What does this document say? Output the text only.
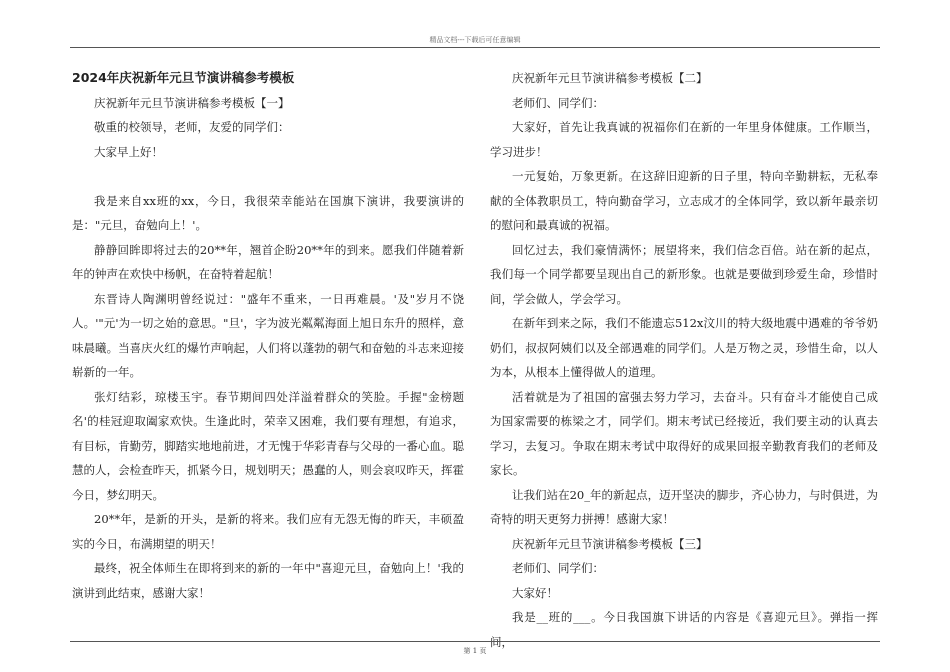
精品文档---下载后可任意编辑

2024年庆祝新年元旦节演讲稿参考模板

庆祝新年元旦节演讲稿参考模板【一】

敬重的校领导，老师，友爱的同学们：

大家早上好！

我是来自xx班的xx，今日，我很荣幸能站在国旗下演讲，我要演讲的是："元旦，奋勉向上！'。

静静回眸即将过去的20**年，翘首企盼20**年的到来。愿我们伴随着新年的钟声在欢快中杨帆，在奋特着起航！

东晋诗人陶渊明曾经说过："盛年不重来，一日再难晨。'及"岁月不饶人。'"元'为一切之始的意思。"旦'，字为波光粼粼海面上旭日东升的照样，意味晨曦。当喜庆火红的爆竹声响起，人们将以蓬勃的朝气和奋勉的斗志来迎接崭新的一年。

张灯结彩，琼楼玉宇。春节期间四处洋溢着群众的笑脸。手握"金榜题名'的桂冠迎取阖家欢快。生逢此时，荣幸又困难，我们要有理想，有追求，有目标，肯勤劳，脚踏实地地前进，才无愧于华彩青春与父母的一番心血。聪慧的人，会检查昨天，抓紧今日，规划明天；愚蠢的人，则会哀叹昨天，挥霍今日，梦幻明天。

20**年，是新的开头，是新的将来。我们应有无怨无悔的昨天，丰硕盈实的今日，布满期望的明天！

最终，祝全体师生在即将到来的新的一年中"喜迎元旦，奋勉向上！'我的演讲到此结束，感谢大家！

庆祝新年元旦节演讲稿参考模板【二】

老师们、同学们：

大家好，首先让我真诚的祝福你们在新的一年里身体健康。工作顺当，学习进步！

一元复始，万象更新。在这辞旧迎新的日子里，特向辛勤耕耘，无私奉献的全体教职员工，特向勤奋学习，立志成才的全体同学，致以新年最亲切的慰问和最真诚的祝福。

回忆过去，我们豪情满怀；展望将来，我们信念百倍。站在新的起点，我们每一个同学都要呈现出自己的新形象。也就是要做到珍爱生命，珍惜时间，学会做人，学会学习。

在新年到来之际，我们不能遗忘512x汶川的特大级地震中遇难的爷爷奶奶们，叔叔阿姨们以及全部遇难的同学们。人是万物之灵，珍惜生命，以人为本，从根本上懂得做人的道理。

活着就是为了祖国的富强去努力学习，去奋斗。只有奋斗才能使自己成为国家需要的栋梁之才，同学们。期末考试已经接近，我们要主动的认真去学习，去复习。争取在期末考试中取得好的成果回报辛勤教育我们的老师及家长。

让我们站在20_年的新起点，迈开坚决的脚步，齐心协力，与时俱进，为奇特的明天更努力拼搏！感谢大家！

庆祝新年元旦节演讲稿参考模板【三】

老师们、同学们：

大家好！

我是__班的___。今日我国旗下讲话的内容是《喜迎元旦》。弹指一挥间，

第 1 页
